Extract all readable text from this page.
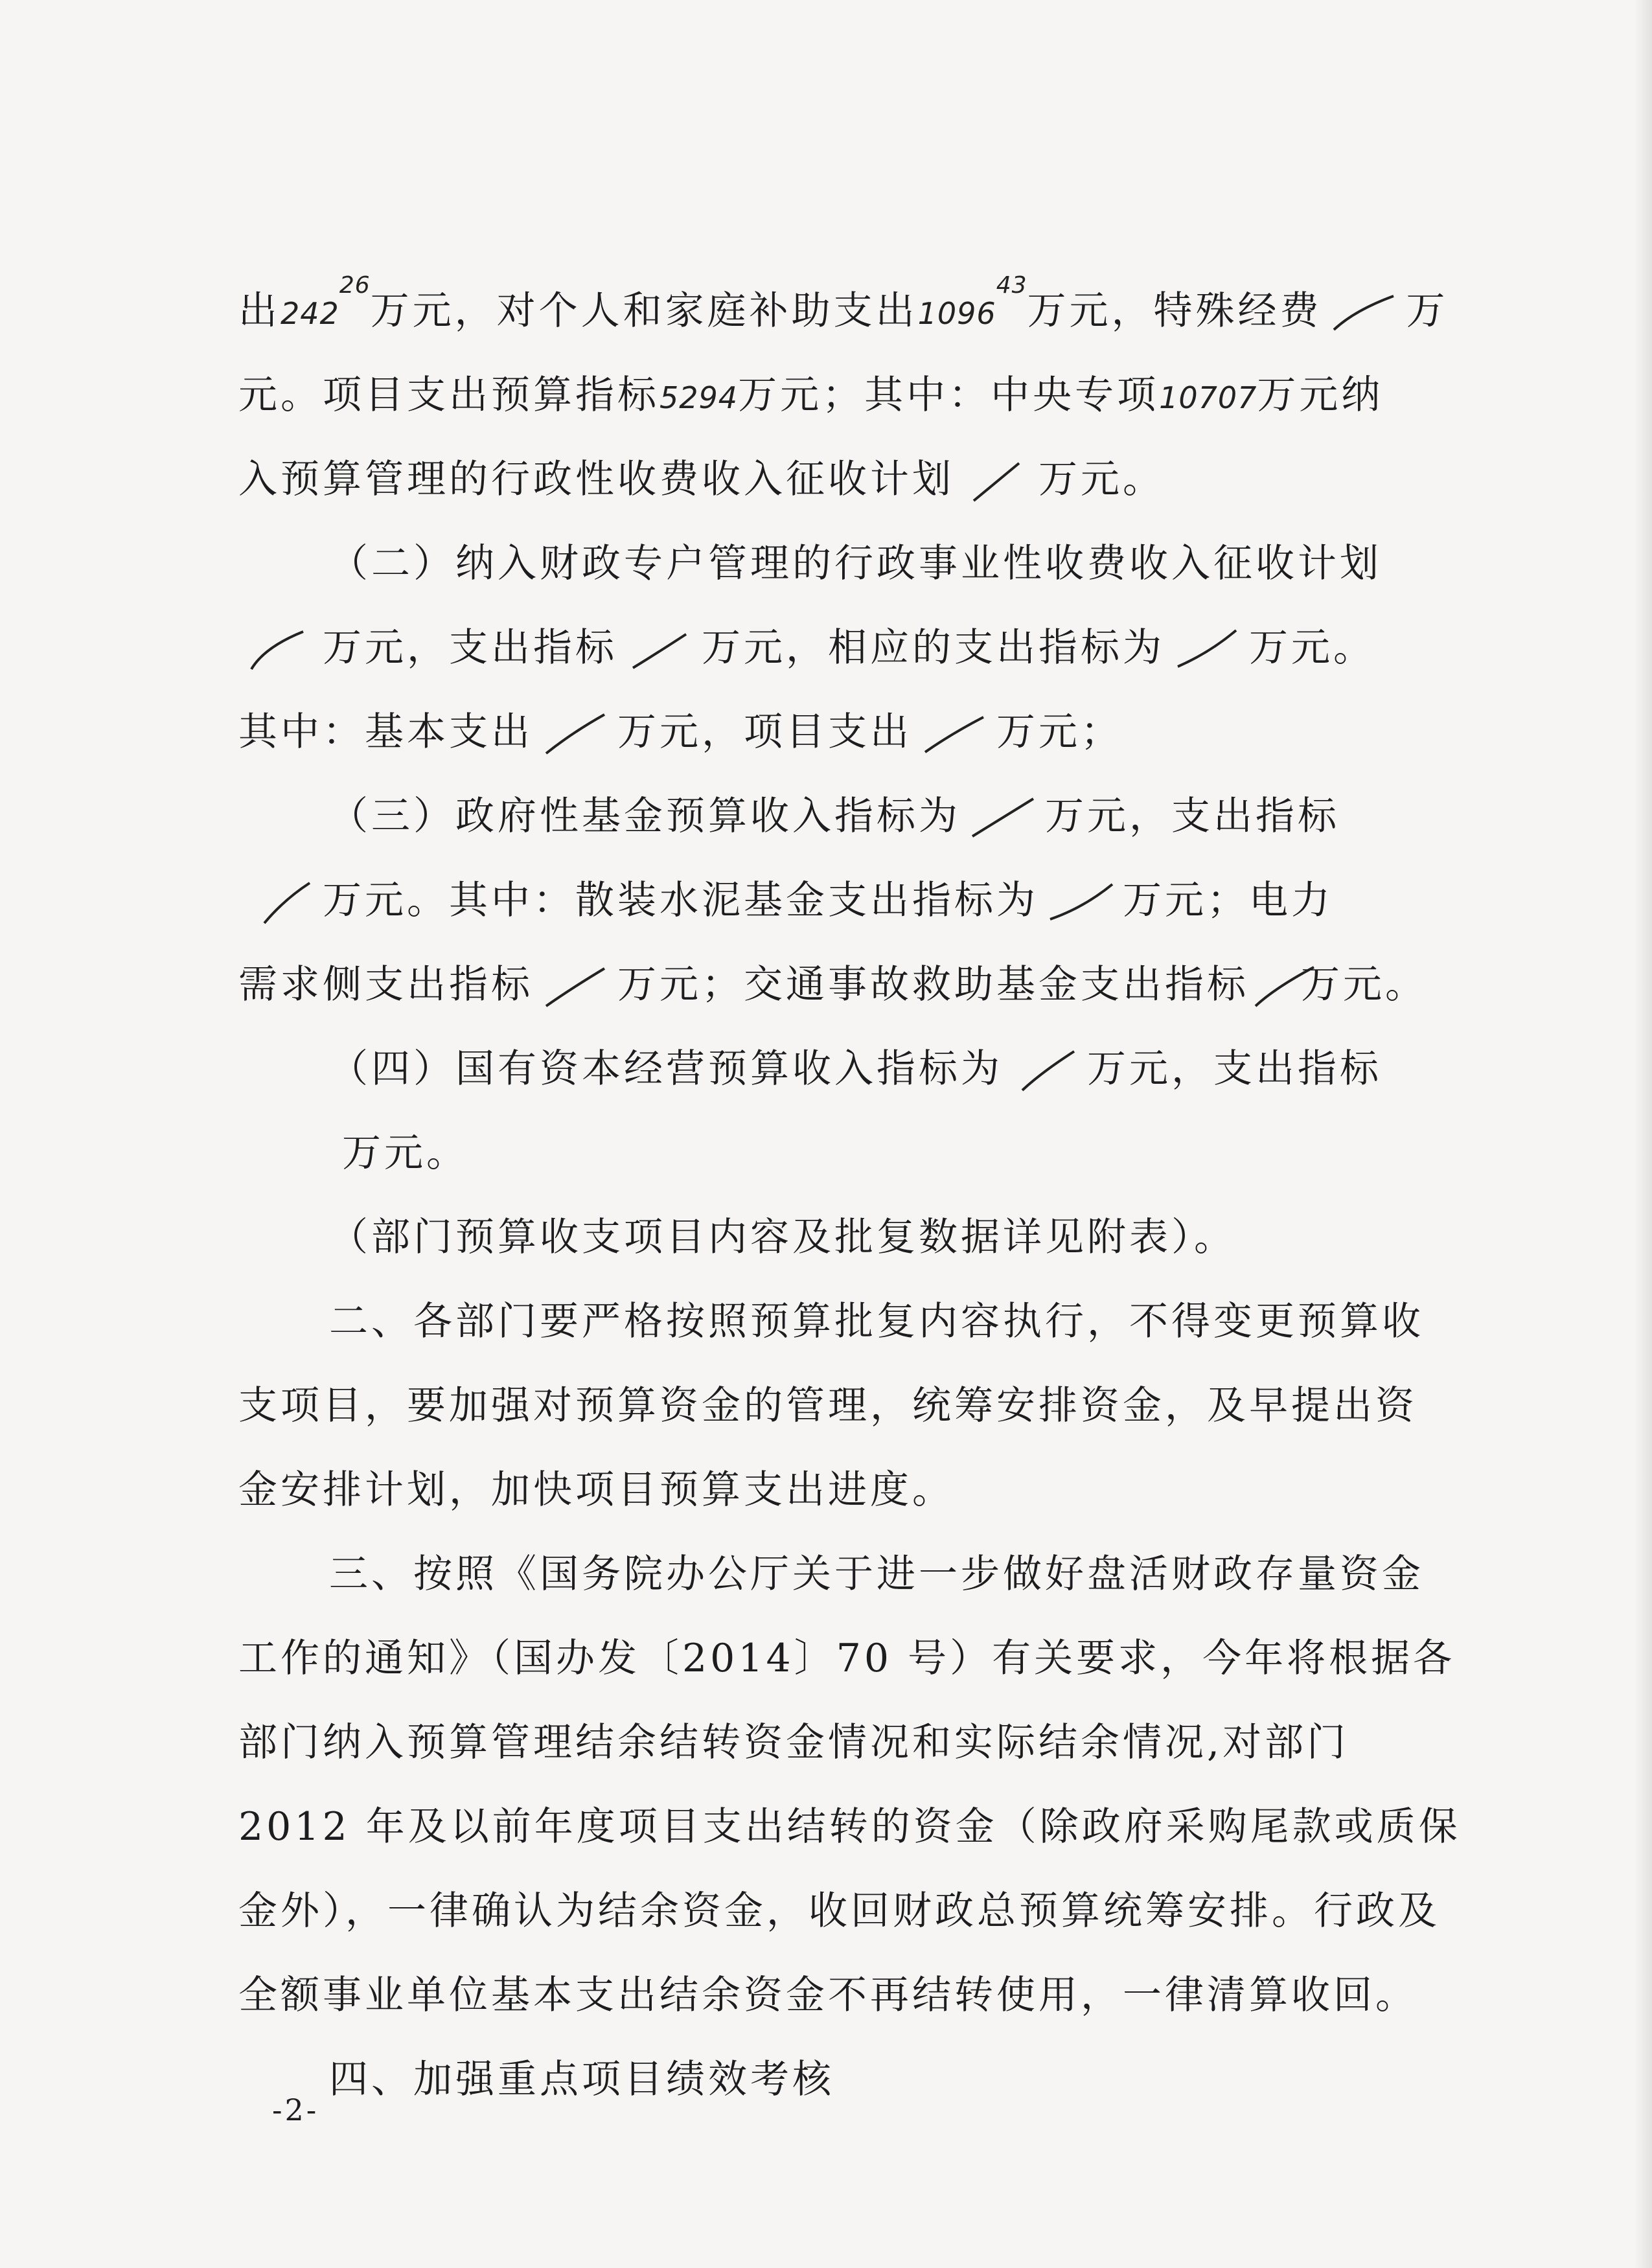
出$242^{26}$万元，对个人和家庭补助支出1096$^{43}$万元，特殊经费 万
元。项目支出预算指标5294万元；其中：中央专项10707万元纳
入预算管理的行政性收费收入征收计划 万元。
（二）纳入财政专户管理的行政事业性收费收入征收计划
万元，支出指标 万元，相应的支出指标为 万元。
其中：基本支出 万元，项目支出 万元；
（三）政府性基金预算收入指标为 万元，支出指标
万元。其中：散装水泥基金支出指标为 万元；电力
需求侧支出指标 万元；交通事故救助基金支出指标 万元。
（四）国有资本经营预算收入指标为 万元，支出指标
万元。
（部门预算收支项目内容及批复数据详见附表）。
二、各部门要严格按照预算批复内容执行，不得变更预算收
支项目，要加强对预算资金的管理，统筹安排资金，及早提出资
金安排计划，加快项目预算支出进度。
三、按照《国务院办公厅关于进一步做好盘活财政存量资金
工作的通知》（国办发〔2014〕70 号）有关要求，今年将根据各
部门纳入预算管理结余结转资金情况和实际结余情况,对部门
2012 年及以前年度项目支出结转的资金（除政府采购尾款或质保
金外），一律确认为结余资金，收回财政总预算统筹安排。行政及
全额事业单位基本支出结余资金不再结转使用，一律清算收回。
四、加强重点项目绩效考核
-2-
